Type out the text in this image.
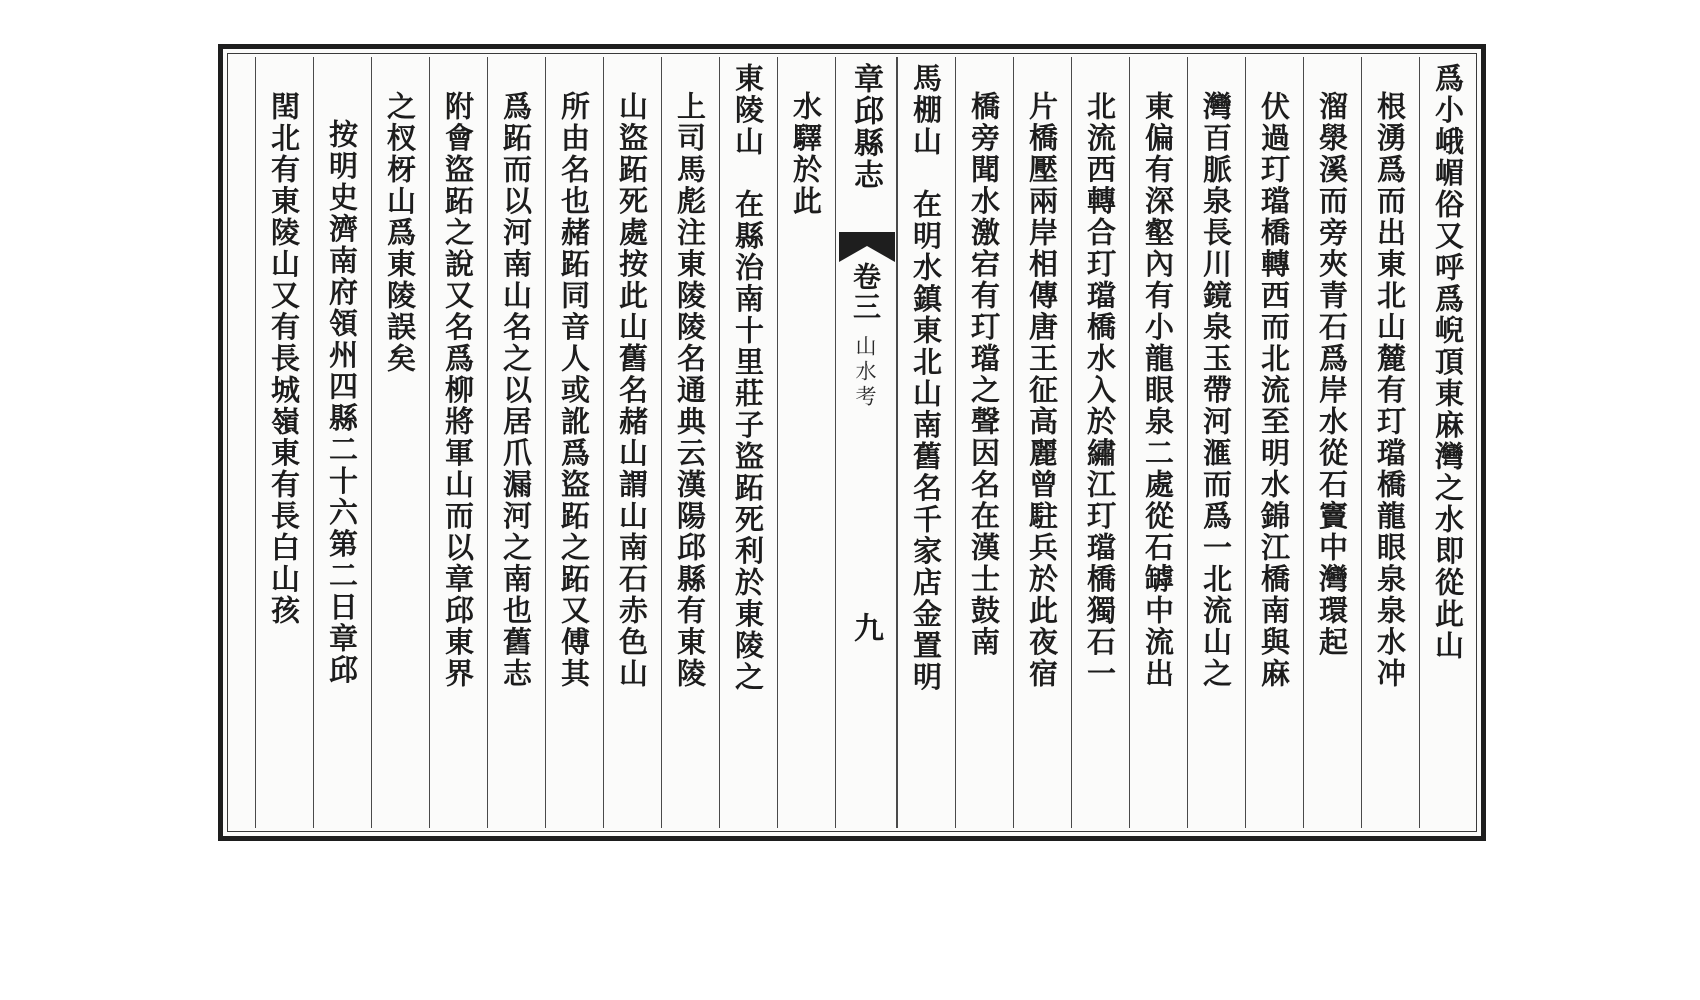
爲小峨嵋俗又呼爲𡸣頂東麻灣之水即從此山
根湧爲而出東北山麓有玎璫橋龍眼泉泉水冲
溜澩溪而旁夾青石爲岸水從石竇中灣環起
伏過玎璫橋轉西而北流至明水錦江橋南與麻
灣百脈泉長川鏡泉玉帶河滙而爲一北流山之
東偏有深壑內有小龍眼泉二處從石罅中流出
北流西轉合玎璫橋水入於繡江玎璫橋獨石一
片橋壓兩岸相傳唐王征高麗曾駐兵於此夜宿
橋旁聞水激宕有玎璫之聲因名在漢士鼓南
馬棚山　在明水鎮東北山南舊名千家店金置明
章邱縣志
卷三
山水考
九
水驛於此
東陵山　在縣治南十里莊子盜跖死利於東陵之
上司馬彪注東陵陵名通典云漢陽邱縣有東陵
山盜跖死處按此山舊名赭山謂山南石赤色山
所由名也赭跖同音人或訛爲盜跖之跖又傅其
爲跖而以河南山名之以居爪漏河之南也舊志
附會盜跖之說又名爲柳將軍山而以章邱東界
之杈枒山爲東陵誤矣
按明史濟南府領州四縣二十六第二日章邱
𨳝北有東陵山又有長城嶺東有長白山孩
